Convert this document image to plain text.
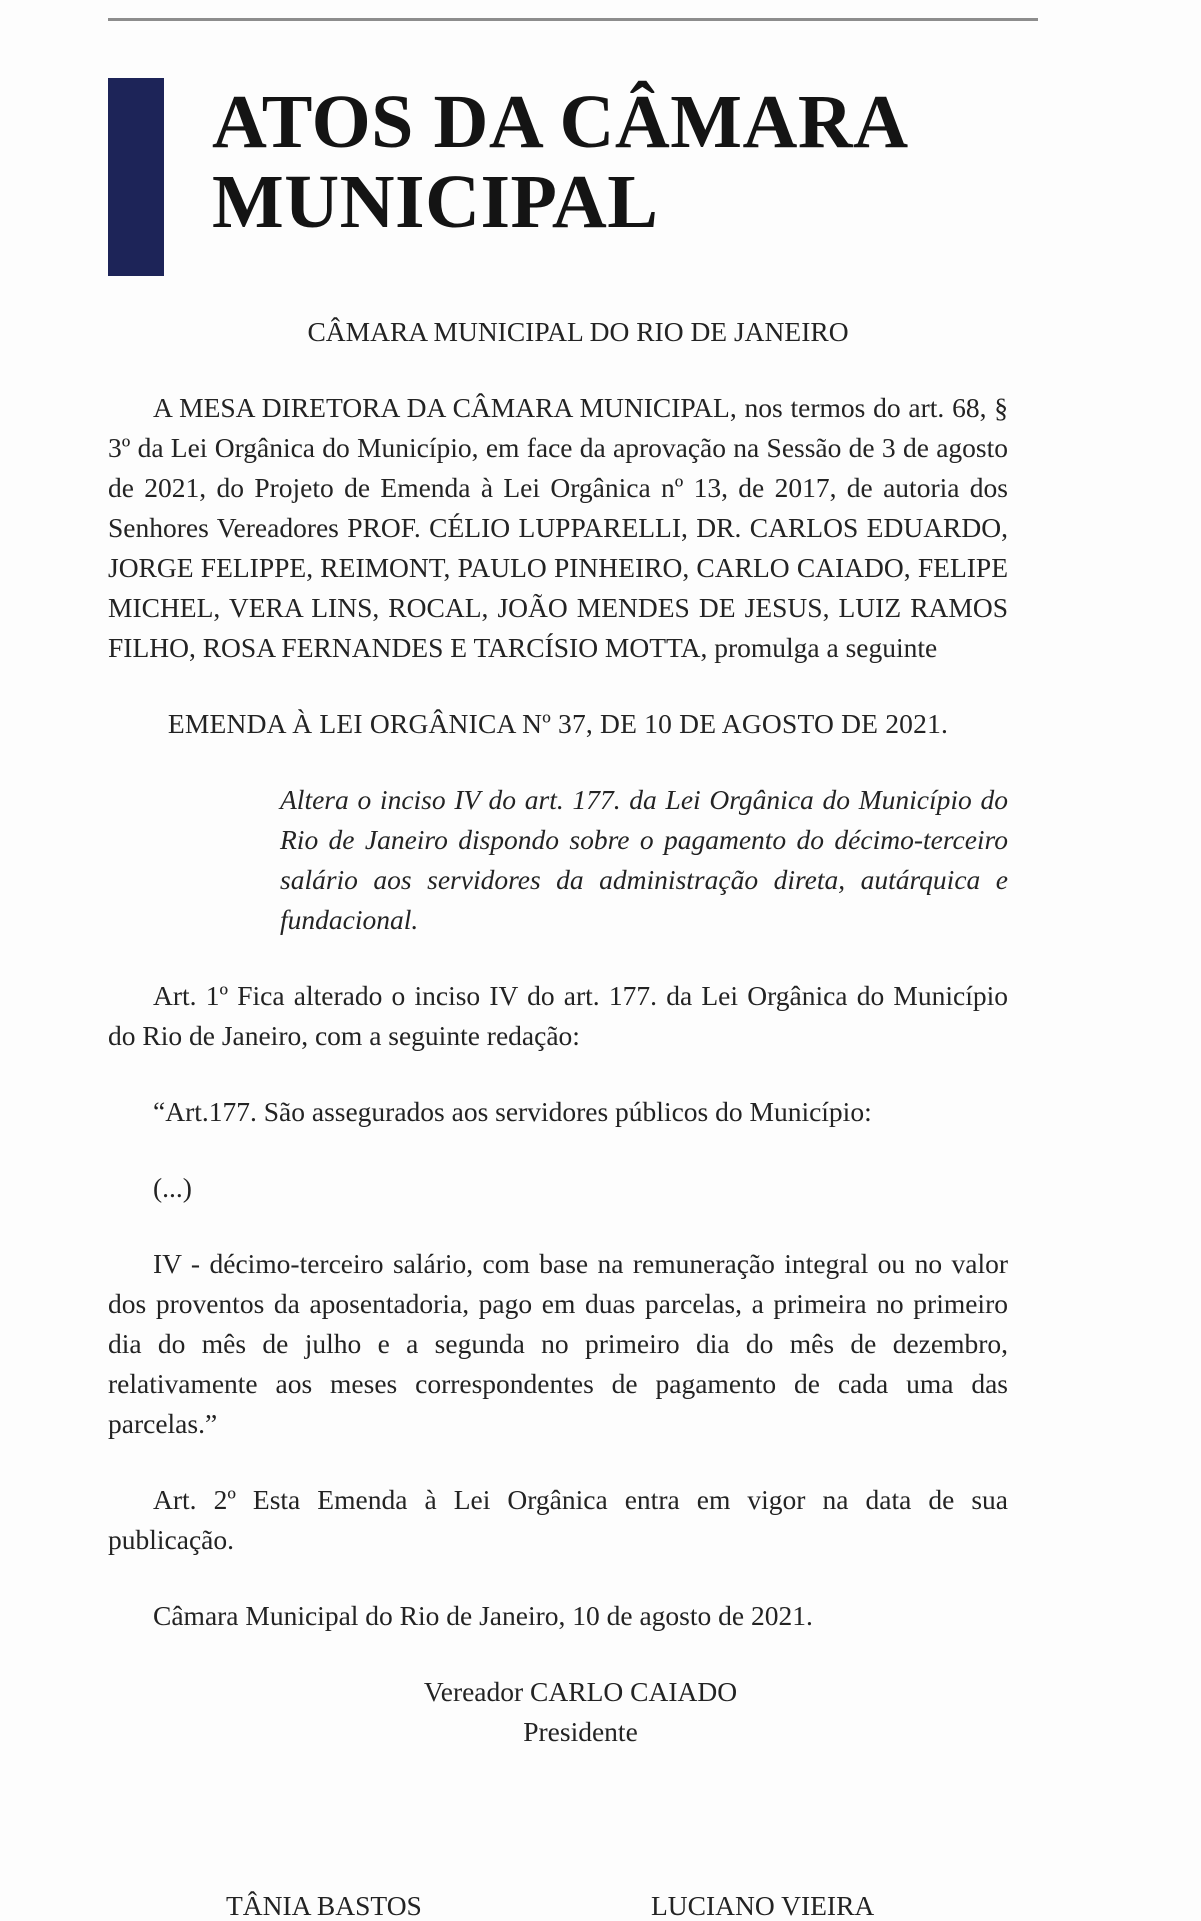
ATOS DA CÂMARA
MUNICIPAL

CÂMARA MUNICIPAL DO RIO DE JANEIRO

A MESA DIRETORA DA CÂMARA MUNICIPAL, nos termos do art. 68, § 3º da Lei Orgânica do Município, em face da aprovação na Sessão de 3 de agosto de 2021, do Projeto de Emenda à Lei Orgânica nº 13, de 2017, de autoria dos Senhores Vereadores PROF. CÉLIO LUPPARELLI, DR. CARLOS EDUARDO, JORGE FELIPPE, REIMONT, PAULO PINHEIRO, CARLO CAIADO, FELIPE MICHEL, VERA LINS, ROCAL, JOÃO MENDES DE JESUS, LUIZ RAMOS FILHO, ROSA FERNANDES E TARCÍSIO MOTTA, promulga a seguinte

EMENDA À LEI ORGÂNICA Nº 37, DE 10 DE AGOSTO DE 2021.

Altera o inciso IV do art. 177. da Lei Orgânica do Município do Rio de Janeiro dispondo sobre o pagamento do décimo-terceiro salário aos servidores da administração direta, autárquica e fundacional.

Art. 1º Fica alterado o inciso IV do art. 177. da Lei Orgânica do Município do Rio de Janeiro, com a seguinte redação:

“Art.177. São assegurados aos servidores públicos do Município:

(...)

IV - décimo-terceiro salário, com base na remuneração integral ou no valor dos proventos da aposentadoria, pago em duas parcelas, a primeira no primeiro dia do mês de julho e a segunda no primeiro dia do mês de dezembro, relativamente aos meses correspondentes de pagamento de cada uma das parcelas.”

Art. 2º Esta Emenda à Lei Orgânica entra em vigor na data de sua publicação.

Câmara Municipal do Rio de Janeiro, 10 de agosto de 2021.

Vereador CARLO CAIADO
Presidente
TÂNIA BASTOS	LUCIANO VIEIRA
